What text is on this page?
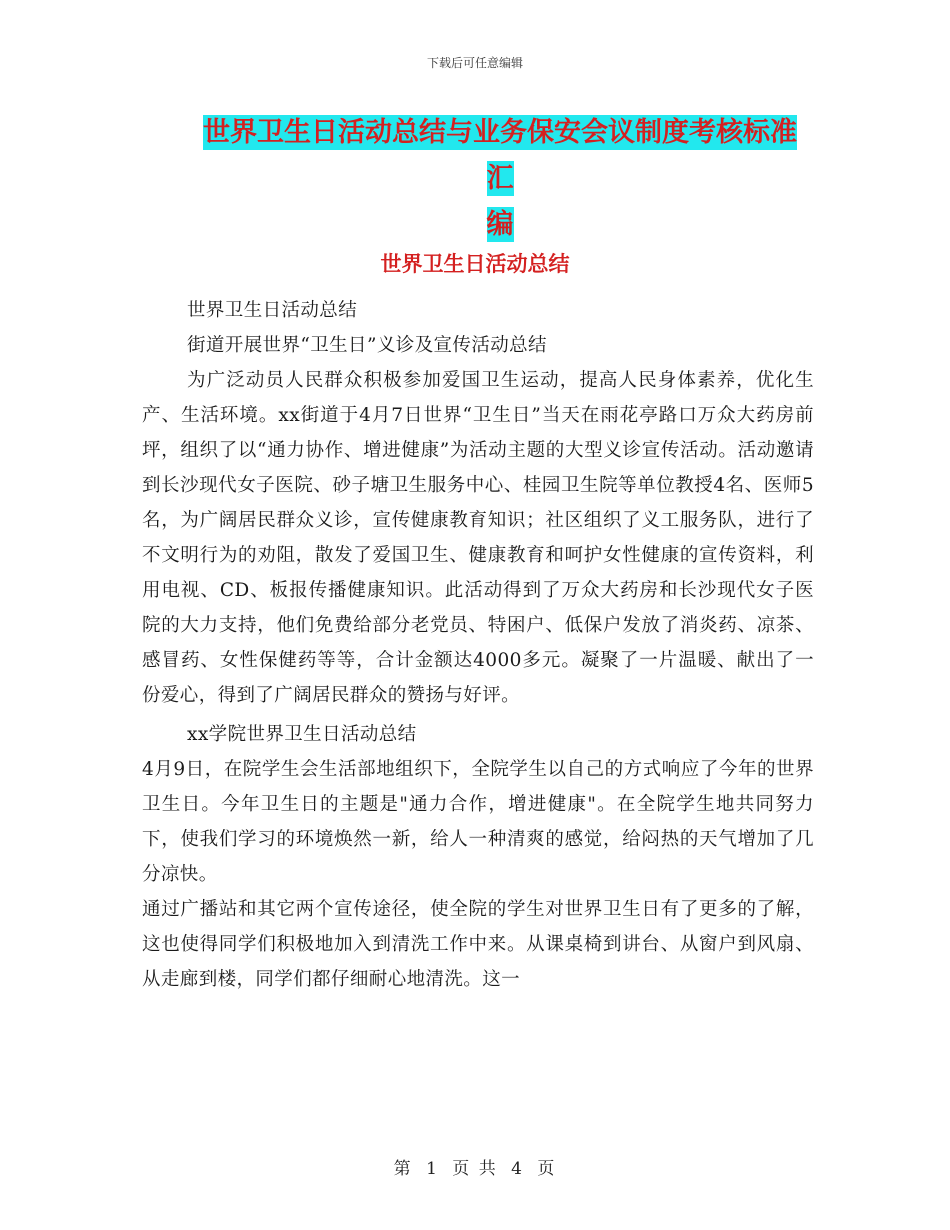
下载后可任意编辑
世界卫生日活动总结与业务保安会议制度考核标准汇
编
世界卫生日活动总结

世界卫生日活动总结

街道开展世界“卫生日”义诊及宣传活动总结

为广泛动员人民群众积极参加爱国卫生运动，提高人民身体素养，优化生产、生活环境。xx街道于4月7日世界“卫生日”当天在雨花亭路口万众大药房前坪，组织了以“通力协作、增进健康”为活动主题的大型义诊宣传活动。活动邀请到长沙现代女子医院、砂子塘卫生服务中心、桂园卫生院等单位教授4名、医师5名，为广阔居民群众义诊，宣传健康教育知识；社区组织了义工服务队，进行了不文明行为的劝阻，散发了爱国卫生、健康教育和呵护女性健康的宣传资料，利用电视、CD、板报传播健康知识。此活动得到了万众大药房和长沙现代女子医院的大力支持，他们免费给部分老党员、特困户、低保户发放了消炎药、凉茶、感冒药、女性保健药等等，合计金额达4000多元。凝聚了一片温暖、献出了一份爱心，得到了广阔居民群众的赞扬与好评。

xx学院世界卫生日活动总结

4月9日，在院学生会生活部地组织下，全院学生以自己的方式响应了今年的世界卫生日。今年卫生日的主题是"通力合作，增进健康"。在全院学生地共同努力下，使我们学习的环境焕然一新，给人一种清爽的感觉，给闷热的天气增加了几分凉快。

通过广播站和其它两个宣传途径，使全院的学生对世界卫生日有了更多的了解，这也使得同学们积极地加入到清洗工作中来。从课桌椅到讲台、从窗户到风扇、从走廊到楼，同学们都仔细耐心地清洗。这一

第 1 页 共 4 页
